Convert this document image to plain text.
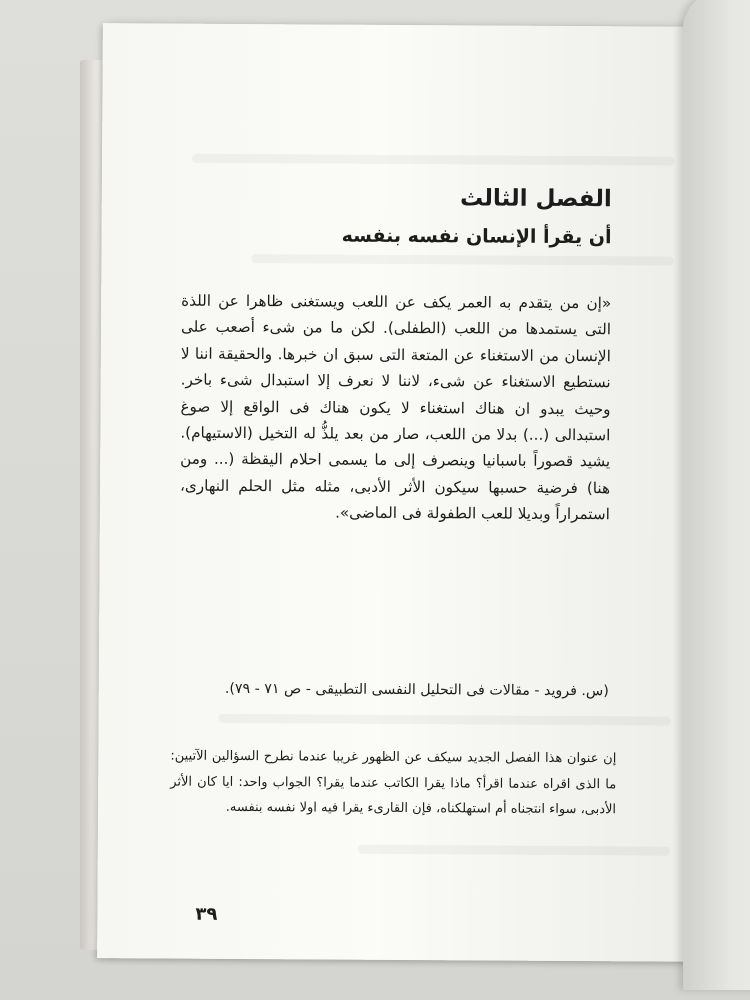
الفصل الثالث
أن يقرأ الإنسان نفسه بنفسه

«إن من يتقدم به العمر يكف عن اللعب ويستغنى ظاهرا عن اللذة التى يستمدها من اللعب (الطفلى). لكن ما من شىء أصعب على الإنسان من الاستغناء عن المتعة التى سبق ان خبرها. والحقيقة اننا لا نستطيع الاستغناء عن شىء، لاننا لا نعرف إلا استبدال شىء باخر. وحيث يبدو ان هناك استغناء لا يكون هناك فى الواقع إلا صوغ استبدالى (...) بدلا من اللعب، صار من بعد يلذُّ له التخيل (الاستيهام). يشيد قصوراً باسبانيا وينصرف إلى ما يسمى احلام اليقظة (... ومن هنا) فرضية حسبها سيكون الأثر الأدبى، مثله مثل الحلم النهارى، استمراراً وبديلا للعب الطفولة فى الماضى».

(س. فرويد - مقالات فى التحليل النفسى التطبيقى - ص ٧١ - ٧٩).

إن عنوان هذا الفصل الجديد سيكف عن الظهور غريبا عندما نطرح السؤالين الآتيين: ما الذى اقراه عندما اقرأ؟ ماذا يقرا الكاتب عندما يقرا؟ الجواب واحد: ايا كان الأثر الأدبى، سواء انتجناه أم استهلكناه، فإن القارىء يقرا فيه اولا نفسه بنفسه.

٣٩
